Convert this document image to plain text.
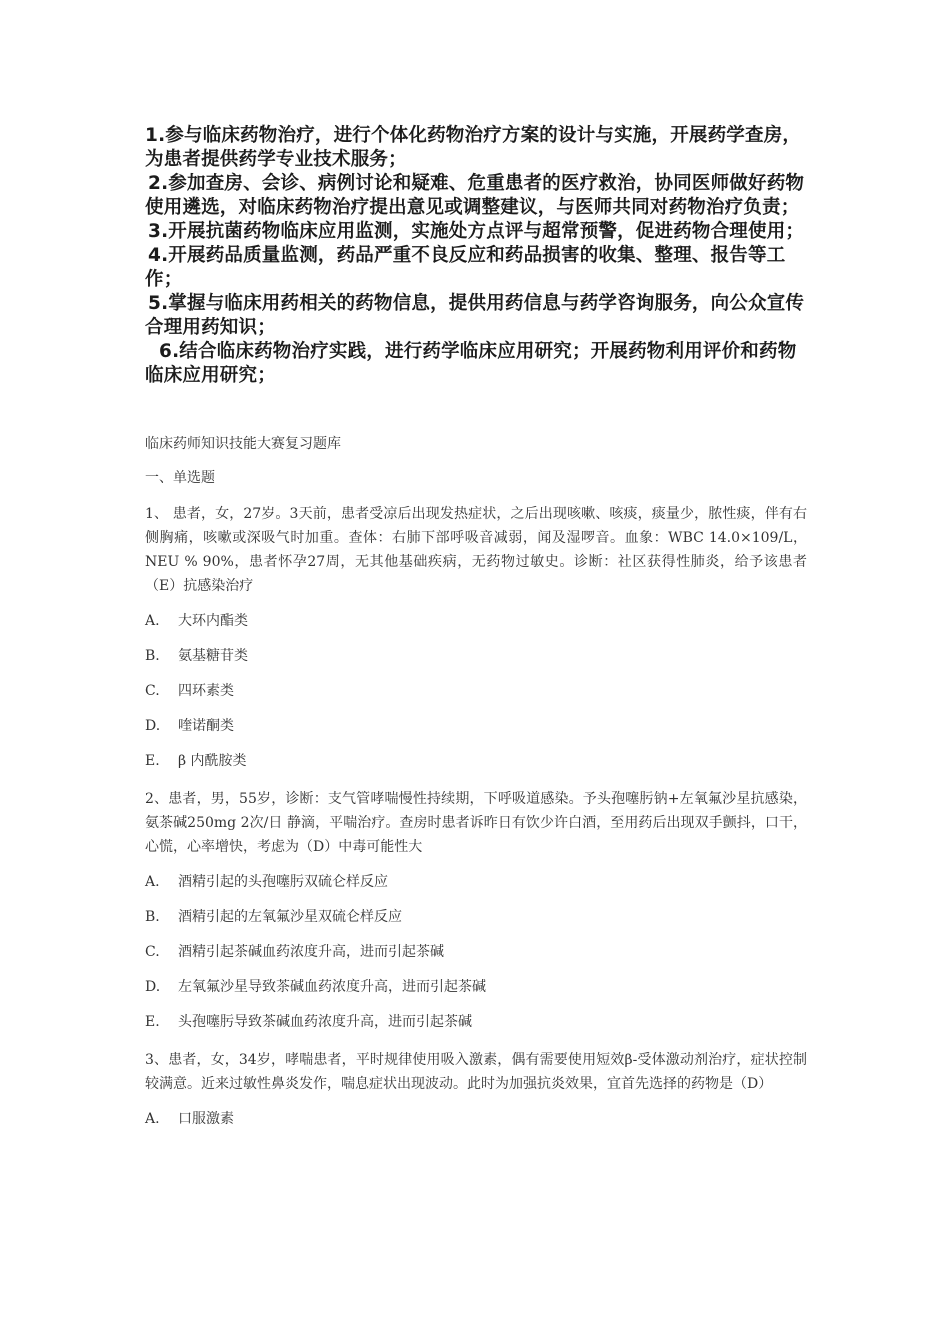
1.参与临床药物治疗，进行个体化药物治疗方案的设计与实施，开展药学查房，为患者提供药学专业技术服务；

2.参加查房、会诊、病例讨论和疑难、危重患者的医疗救治，协同医师做好药物使用遴选，对临床药物治疗提出意见或调整建议，与医师共同对药物治疗负责；

3.开展抗菌药物临床应用监测，实施处方点评与超常预警，促进药物合理使用；

4.开展药品质量监测，药品严重不良反应和药品损害的收集、整理、报告等工作；

5.掌握与临床用药相关的药物信息，提供用药信息与药学咨询服务，向公众宣传合理用药知识；

6.结合临床药物治疗实践，进行药学临床应用研究；开展药物利用评价和药物临床应用研究；

临床药师知识技能大赛复习题库

一、单选题

1、 患者，女，27岁。3天前，患者受凉后出现发热症状，之后出现咳嗽、咳痰，痰量少，脓性痰，伴有右侧胸痛，咳嗽或深吸气时加重。查体：右肺下部呼吸音减弱，闻及湿啰音。血象：WBC 14.0×109/L，NEU % 90%，患者怀孕27周，无其他基础疾病，无药物过敏史。诊断：社区获得性肺炎，给予该患者（E）抗感染治疗

A. 大环内酯类

B. 氨基糖苷类

C. 四环素类

D. 喹诺酮类

E. β 内酰胺类

2、患者，男，55岁，诊断：支气管哮喘慢性持续期，下呼吸道感染。予头孢噻肟钠+左氧氟沙星抗感染，氨茶碱250mg 2次/日 静滴，平喘治疗。查房时患者诉昨日有饮少许白酒，至用药后出现双手颤抖，口干，心慌，心率增快，考虑为（D）中毒可能性大

A. 酒精引起的头孢噻肟双硫仑样反应

B. 酒精引起的左氧氟沙星双硫仑样反应

C. 酒精引起茶碱血药浓度升高，进而引起茶碱

D. 左氧氟沙星导致茶碱血药浓度升高，进而引起茶碱

E. 头孢噻肟导致茶碱血药浓度升高，进而引起茶碱

3、患者，女，34岁，哮喘患者，平时规律使用吸入激素，偶有需要使用短效β-受体激动剂治疗，症状控制较满意。近来过敏性鼻炎发作，喘息症状出现波动。此时为加强抗炎效果，宜首先选择的药物是（D）

A. 口服激素
